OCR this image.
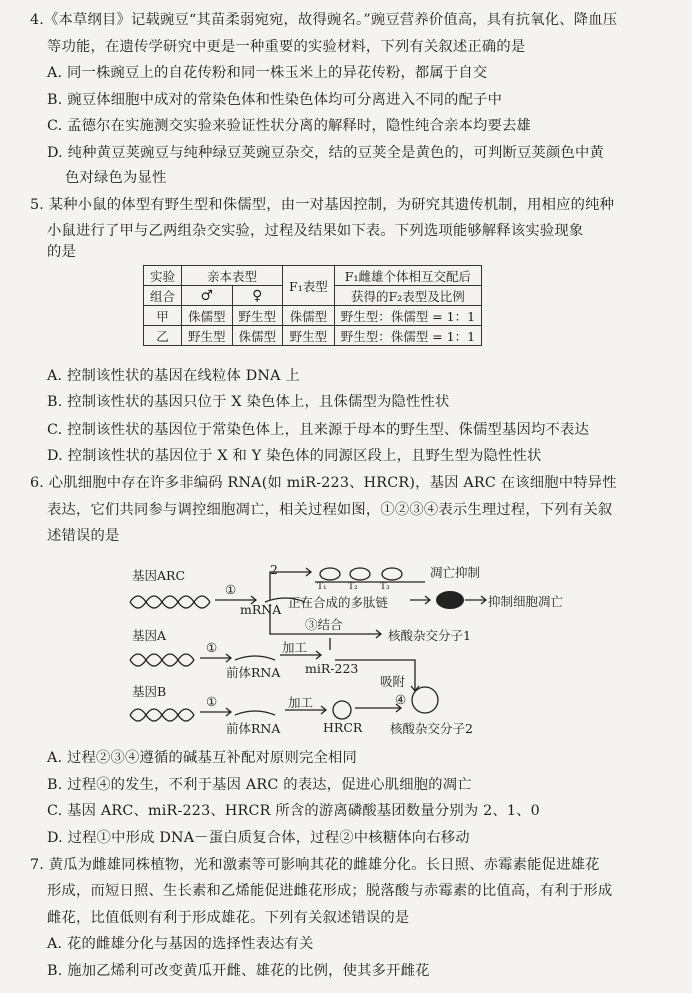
4.《本草纲目》记载豌豆“其苗柔弱宛宛，故得豌名。”豌豆营养价值高，具有抗氧化、降血压
等功能，在遗传学研究中更是一种重要的实验材料，下列有关叙述正确的是
A. 同一株豌豆上的自花传粉和同一株玉米上的异花传粉，都属于自交
B. 豌豆体细胞中成对的常染色体和性染色体均可分离进入不同的配子中
C. 孟德尔在实施测交实验来验证性状分离的解释时，隐性纯合亲本均要去雄
D. 纯种黄豆荚豌豆与纯种绿豆荚豌豆杂交，结的豆荚全是黄色的，可判断豆荚颜色中黄
色对绿色为显性
5. 某种小鼠的体型有野生型和侏儒型，由一对基因控制，为研究其遗传机制，用相应的纯种
小鼠进行了甲与乙两组杂交实验，过程及结果如下表。下列选项能够解释该实验现象
的是
实验	亲本表型		F₁表型	F₁雌雄个体相互交配后
组合	♂	♀		获得的F₂表型及比例
甲	侏儒型	野生型	侏儒型	野生型：侏儒型 = 1：1
乙	野生型	侏儒型	野生型	野生型：侏儒型 = 1：1
A. 控制该性状的基因在线粒体 DNA 上
B. 控制该性状的基因只位于 X 染色体上，且侏儒型为隐性性状
C. 控制该性状的基因位于常染色体上，且来源于母本的野生型、侏儒型基因均不表达
D. 控制该性状的基因位于 X 和 Y 染色体的同源区段上，且野生型为隐性性状
6. 心肌细胞中存在许多非编码 RNA(如 miR-223、HRCR)，基因 ARC 在该细胞中特异性
表达，它们共同参与调控细胞凋亡，相关过程如图，①②③④表示生理过程，下列有关叙
述错误的是
基因ARC
①
2
mRNA
T₁ T₂ T₃
正在合成的多肽链
凋亡抑制
抑制细胞凋亡
③结合
核酸杂交分子1
基因A
①
前体RNA
加工
miR-223
吸附
④
核酸杂交分子2
基因B
①
前体RNA
加工
HRCR
A. 过程②③④遵循的碱基互补配对原则完全相同
B. 过程④的发生，不利于基因 ARC 的表达，促进心肌细胞的凋亡
C. 基因 ARC、miR-223、HRCR 所含的游离磷酸基团数量分别为 2、1、0
D. 过程①中形成 DNA－蛋白质复合体，过程②中核糖体向右移动
7. 黄瓜为雌雄同株植物，光和激素等可影响其花的雌雄分化。长日照、赤霉素能促进雄花
形成，而短日照、生长素和乙烯能促进雌花形成；脱落酸与赤霉素的比值高，有利于形成
雌花，比值低则有利于形成雄花。下列有关叙述错误的是
A. 花的雌雄分化与基因的选择性表达有关
B. 施加乙烯利可改变黄瓜开雌、雄花的比例，使其多开雌花
